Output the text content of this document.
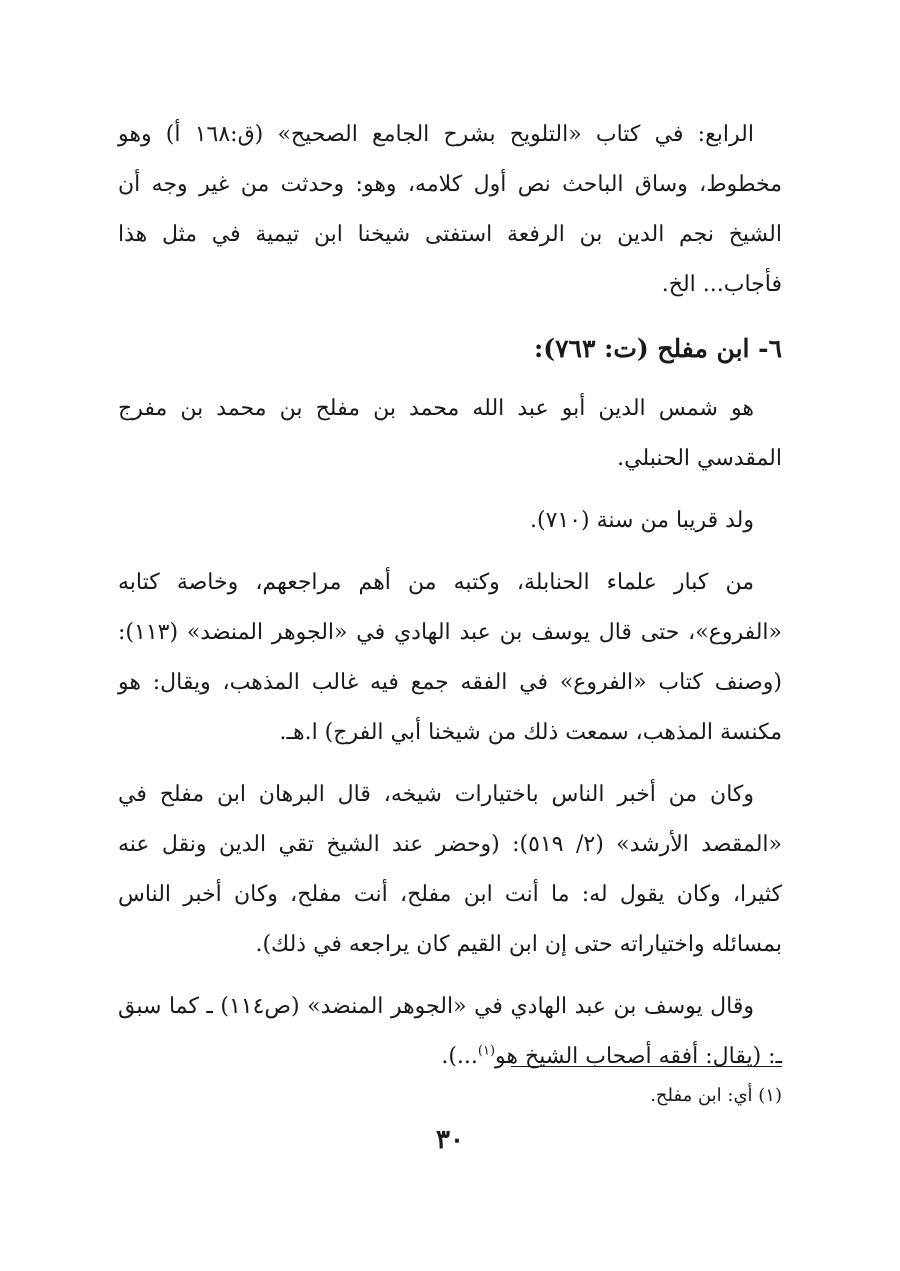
الرابع: في كتاب «التلويح بشرح الجامع الصحيح» (ق:١٦٨ أ) وهو مخطوط، وساق الباحث نص أول كلامه، وهو: وحدثت من غير وجه أن الشيخ نجم الدين بن الرفعة استفتى شيخنا ابن تيمية في مثل هذا فأجاب... الخ.

٦- ابن مفلح (ت: ٧٦٣):

هو شمس الدين أبو عبد الله محمد بن مفلح بن محمد بن مفرج المقدسي الحنبلي.

ولد قريبا من سنة (٧١٠).

من كبار علماء الحنابلة، وكتبه من أهم مراجعهم، وخاصة كتابه «الفروع»، حتى قال يوسف بن عبد الهادي في «الجوهر المنضد» (١١٣): (وصنف كتاب «الفروع» في الفقه جمع فيه غالب المذهب، ويقال: هو مكنسة المذهب، سمعت ذلك من شيخنا أبي الفرج) ا.هـ.

وكان من أخبر الناس باختيارات شيخه، قال البرهان ابن مفلح في «المقصد الأرشد» (٢/ ٥١٩): (وحضر عند الشيخ تقي الدين ونقل عنه كثيرا، وكان يقول له: ما أنت ابن مفلح، أنت مفلح، وكان أخبر الناس بمسائله واختياراته حتى إن ابن القيم كان يراجعه في ذلك).

وقال يوسف بن عبد الهادي في «الجوهر المنضد» (ص١١٤) ـ كما سبق ـ: (يقال: أفقه أصحاب الشيخ هو$^{(١)}$...).

(١) أي: ابن مفلح.
٣٠
